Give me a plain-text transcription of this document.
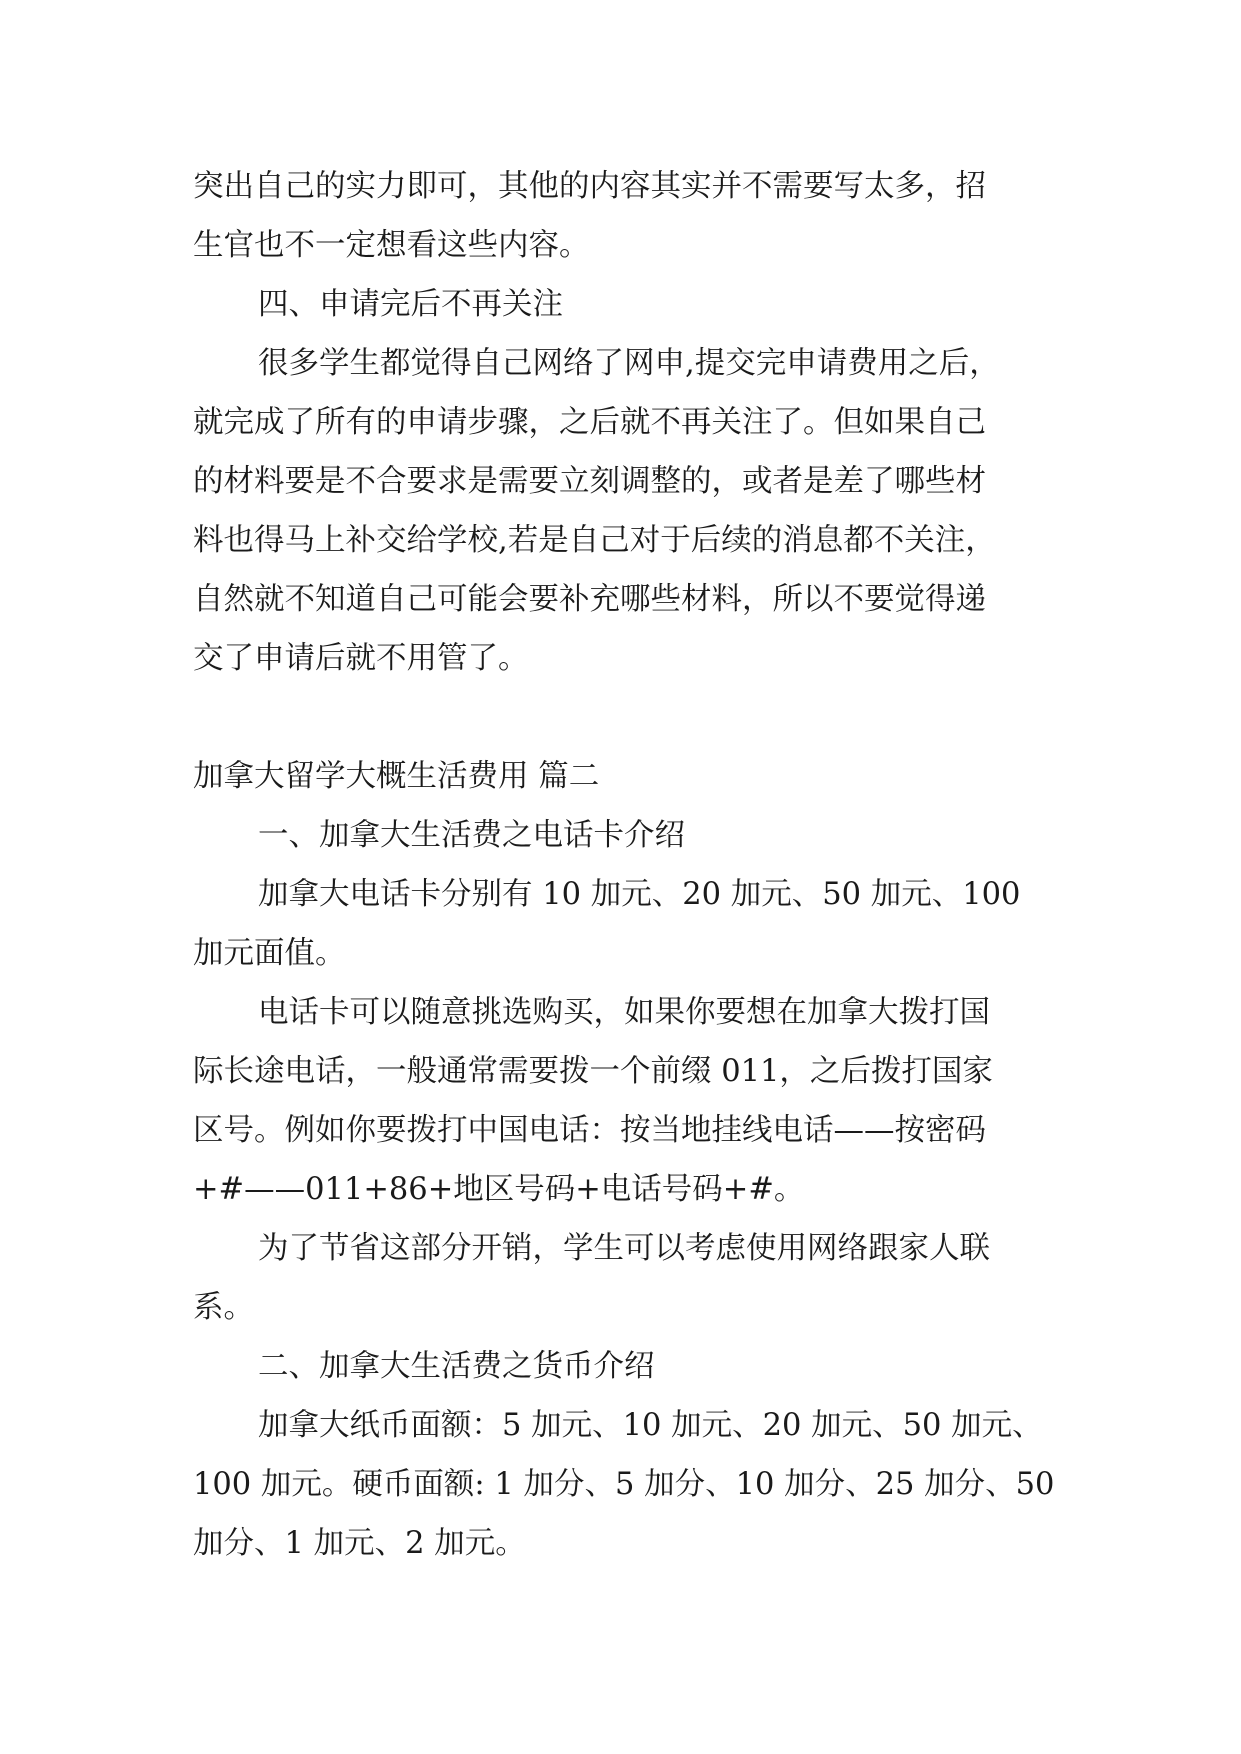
突出自己的实力即可，其他的内容其实并不需要写太多，招
生官也不一定想看这些内容。
四、申请完后不再关注
很多学生都觉得自己网络了网申,提交完申请费用之后，
就完成了所有的申请步骤，之后就不再关注了。但如果自己
的材料要是不合要求是需要立刻调整的，或者是差了哪些材
料也得马上补交给学校,若是自己对于后续的消息都不关注，
自然就不知道自己可能会要补充哪些材料，所以不要觉得递
交了申请后就不用管了。
加拿大留学大概生活费用 篇二
一、加拿大生活费之电话卡介绍
加拿大电话卡分别有 10 加元、20 加元、50 加元、100
加元面值。
电话卡可以随意挑选购买，如果你要想在加拿大拨打国
际长途电话，一般通常需要拨一个前缀 011，之后拨打国家
区号。例如你要拨打中国电话：按当地挂线电话——按密码
+#——011+86+地区号码+电话号码+#。
为了节省这部分开销，学生可以考虑使用网络跟家人联
系。
二、加拿大生活费之货币介绍
加拿大纸币面额：5 加元、10 加元、20 加元、50 加元、
100 加元。硬币面额: 1 加分、5 加分、10 加分、25 加分、50
加分、1 加元、2 加元。
